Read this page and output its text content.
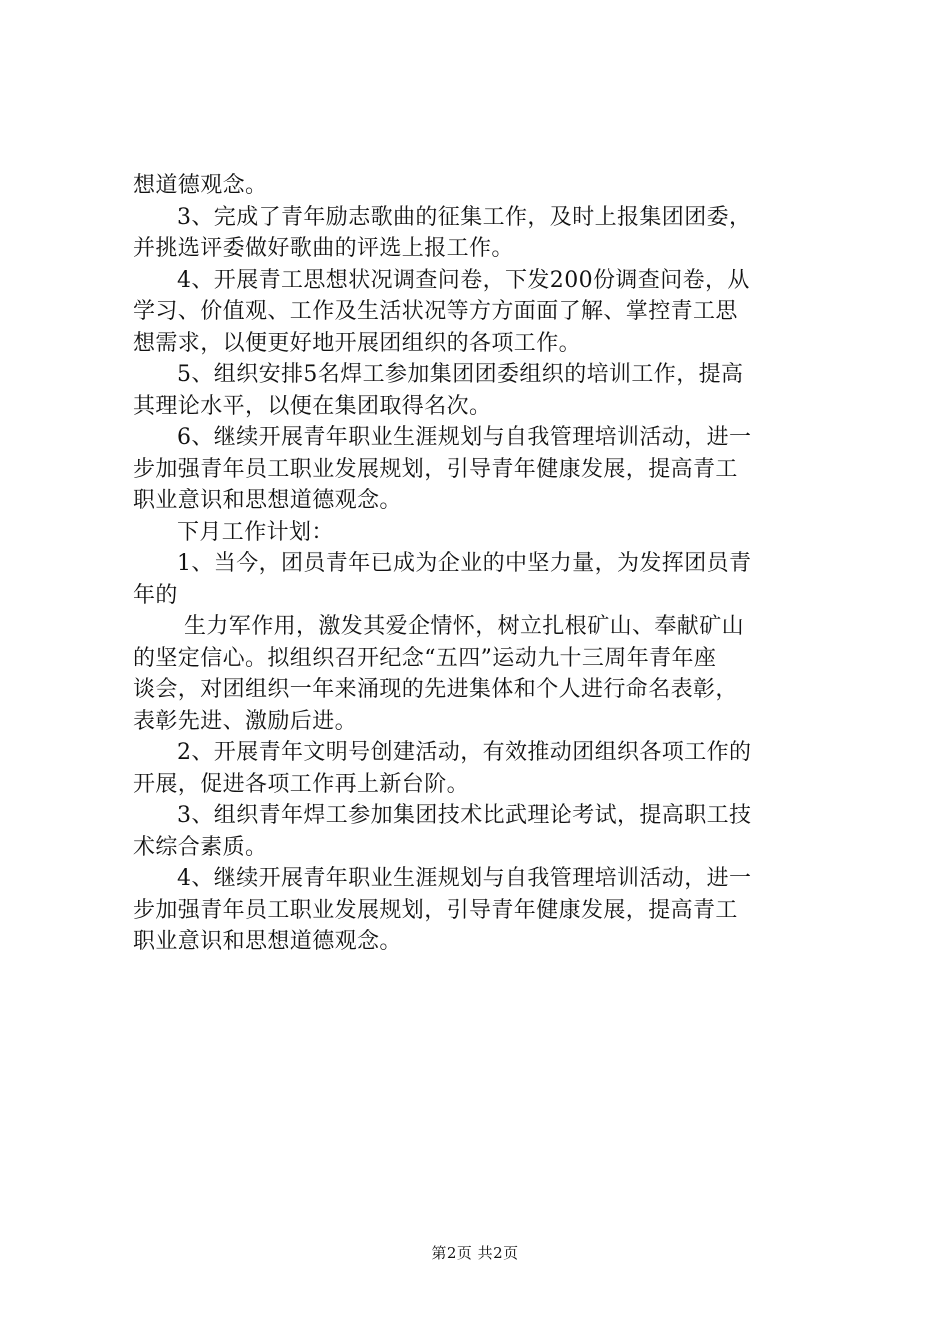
想道德观念。
3、完成了青年励志歌曲的征集工作，及时上报集团团委，
并挑选评委做好歌曲的评选上报工作。
4、开展青工思想状况调查问卷，下发200份调查问卷，从
学习、价值观、工作及生活状况等方方面面了解、掌控青工思
想需求，以便更好地开展团组织的各项工作。
5、组织安排5名焊工参加集团团委组织的培训工作，提高
其理论水平，以便在集团取得名次。
6、继续开展青年职业生涯规划与自我管理培训活动，进一
步加强青年员工职业发展规划，引导青年健康发展，提高青工
职业意识和思想道德观念。
下月工作计划：
1、当今，团员青年已成为企业的中坚力量，为发挥团员青
年的
生力军作用，激发其爱企情怀，树立扎根矿山、奉献矿山
的坚定信心。拟组织召开纪念“五四”运动九十三周年青年座
谈会，对团组织一年来涌现的先进集体和个人进行命名表彰，
表彰先进、激励后进。
2、开展青年文明号创建活动，有效推动团组织各项工作的
开展，促进各项工作再上新台阶。
3、组织青年焊工参加集团技术比武理论考试，提高职工技
术综合素质。
4、继续开展青年职业生涯规划与自我管理培训活动，进一
步加强青年员工职业发展规划，引导青年健康发展，提高青工
职业意识和思想道德观念。
第2页 共2页
